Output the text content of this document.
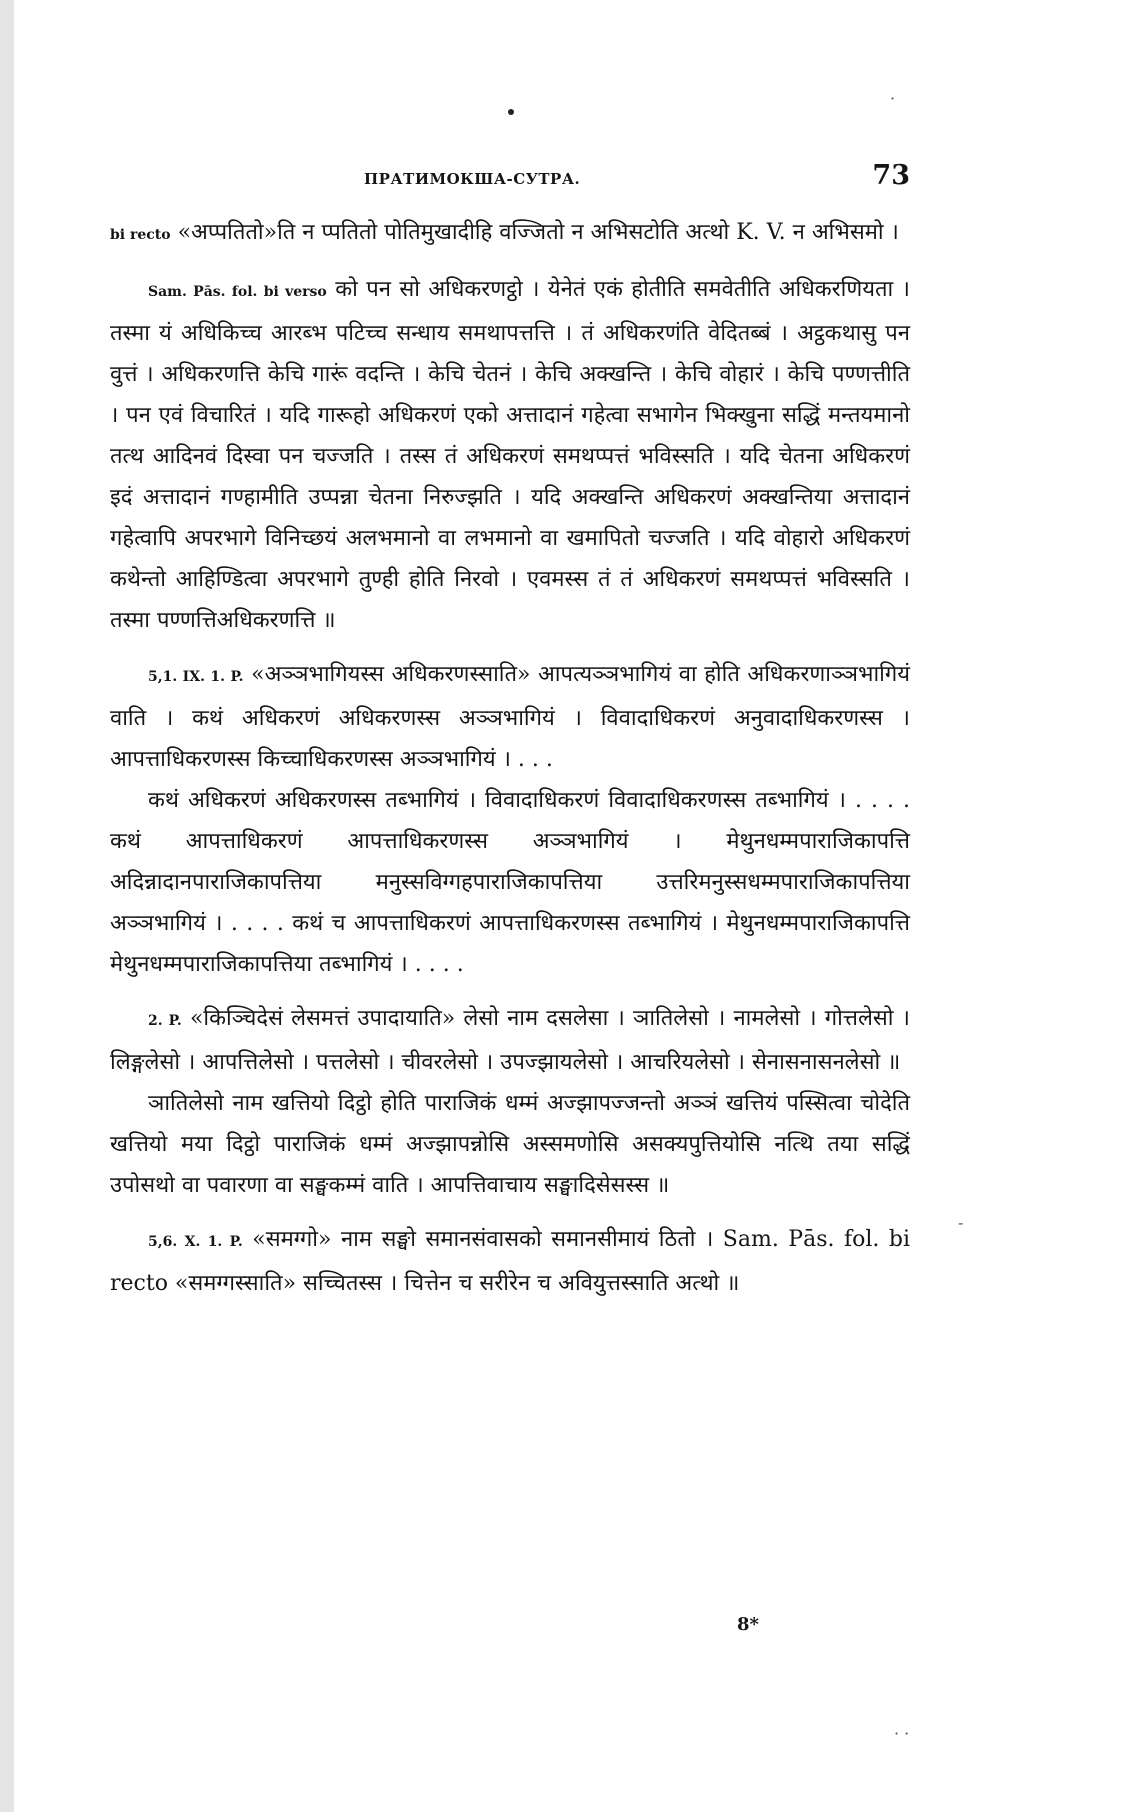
ПРАТИМОКША-СУТРА.	73

bi recto «अप्पतितो»ति न प्पतितो पोतिमुखादीहि वज्जितो न अभिसटोति अत्थो K. V. न अभिसमो ।

Sam. Pās. fol. bi verso को पन सो अधिकरणट्ठो । येनेतं एकं होतीति समवेतीति अधिकरणियता । तस्मा यं अधिकिच्च आरब्भ पटिच्च सन्धाय समथापत्तत्ति । तं अधिकरणंति वेदितब्बं । अट्ठकथासु पन वुत्तं । अधिकरणत्ति केचि गारूं वदन्ति । केचि चेतनं । केचि अक्खन्ति । केचि वोहारं । केचि पण्णत्तीति । पन एवं विचारितं । यदि गारूहो अधिकरणं एको अत्तादानं गहेत्वा सभागेन भिक्खुना सद्धिं मन्तयमानो तत्थ आदिनवं दिस्वा पन चज्जति । तस्स तं अधिकरणं समथप्पत्तं भविस्सति । यदि चेतना अधिकरणं इदं अत्तादानं गण्हामीति उप्पन्ना चेतना निरुज्झति । यदि अक्खन्ति अधिकरणं अक्खन्तिया अत्तादानं गहेत्वापि अपरभागे विनिच्छयं अलभमानो वा लभमानो वा खमापितो चज्जति । यदि वोहारो अधिकरणं कथेन्तो आहिण्डित्वा अपरभागे तुण्ही होति निरवो । एवमस्स तं तं अधिकरणं समथप्पत्तं भविस्सति । तस्मा पण्णत्तिअधिकरणत्ति ॥

5,1. IX. 1. P. «अञ्ञभागियस्स अधिकरणस्साति» आपत्यञ्ञभागियं वा होति अधिकरणाञ्ञभागियं वाति । कथं अधिकरणं अधिकरणस्स अञ्ञभागियं । विवादाधिकरणं अनुवादाधिकरणस्स । आपत्ताधिकरणस्स किच्चाधिकरणस्स अञ्ञभागियं । . . .

कथं अधिकरणं अधिकरणस्स तब्भागियं । विवादाधिकरणं विवादाधिकरणस्स तब्भागियं । . . . . कथं आपत्ताधिकरणं आपत्ताधिकरणस्स अञ्ञभागियं । मेथुनधम्मपाराजिकापत्ति अदिन्नादानपाराजिकापत्तिया मनुस्सविग्गहपाराजिकापत्तिया उत्तरिमनुस्सधम्मपाराजिकापत्तिया अञ्ञभागियं । . . . . कथं च आपत्ताधिकरणं आपत्ताधिकरणस्स तब्भागियं । मेथुनधम्मपाराजिकापत्ति मेथुनधम्मपाराजिकापत्तिया तब्भागियं । . . . .

2. P. «किञ्चिदेसं लेसमत्तं उपादायाति» लेसो नाम दसलेसा । ञातिलेसो । नामलेसो । गोत्तलेसो । लिङ्गलेसो । आपत्तिलेसो । पत्तलेसो । चीवरलेसो । उपज्झायलेसो । आचरियलेसो । सेनासनासनलेसो ॥

ञातिलेसो नाम खत्तियो दिट्ठो होति पाराजिकं धम्मं अज्झापज्जन्तो अञ्ञं खत्तियं पस्सित्वा चोदेति खत्तियो मया दिट्ठो पाराजिकं धम्मं अज्झापन्नोसि अस्समणोसि असक्यपुत्तियोसि नत्थि तया सद्धिं उपोसथो वा पवारणा वा सङ्घकम्मं वाति । आपत्तिवाचाय सङ्घादिसेसस्स ॥

5,6. X. 1. P. «समग्गो» नाम सङ्घो समानसंवासको समानसीमायं ठितो । Sam. Pās. fol. bi recto «समग्गस्साति» सच्चितस्स । चित्तेन च सरीरेन च अवियुत्तस्साति अत्थो ॥

8*
·
-
· ·
